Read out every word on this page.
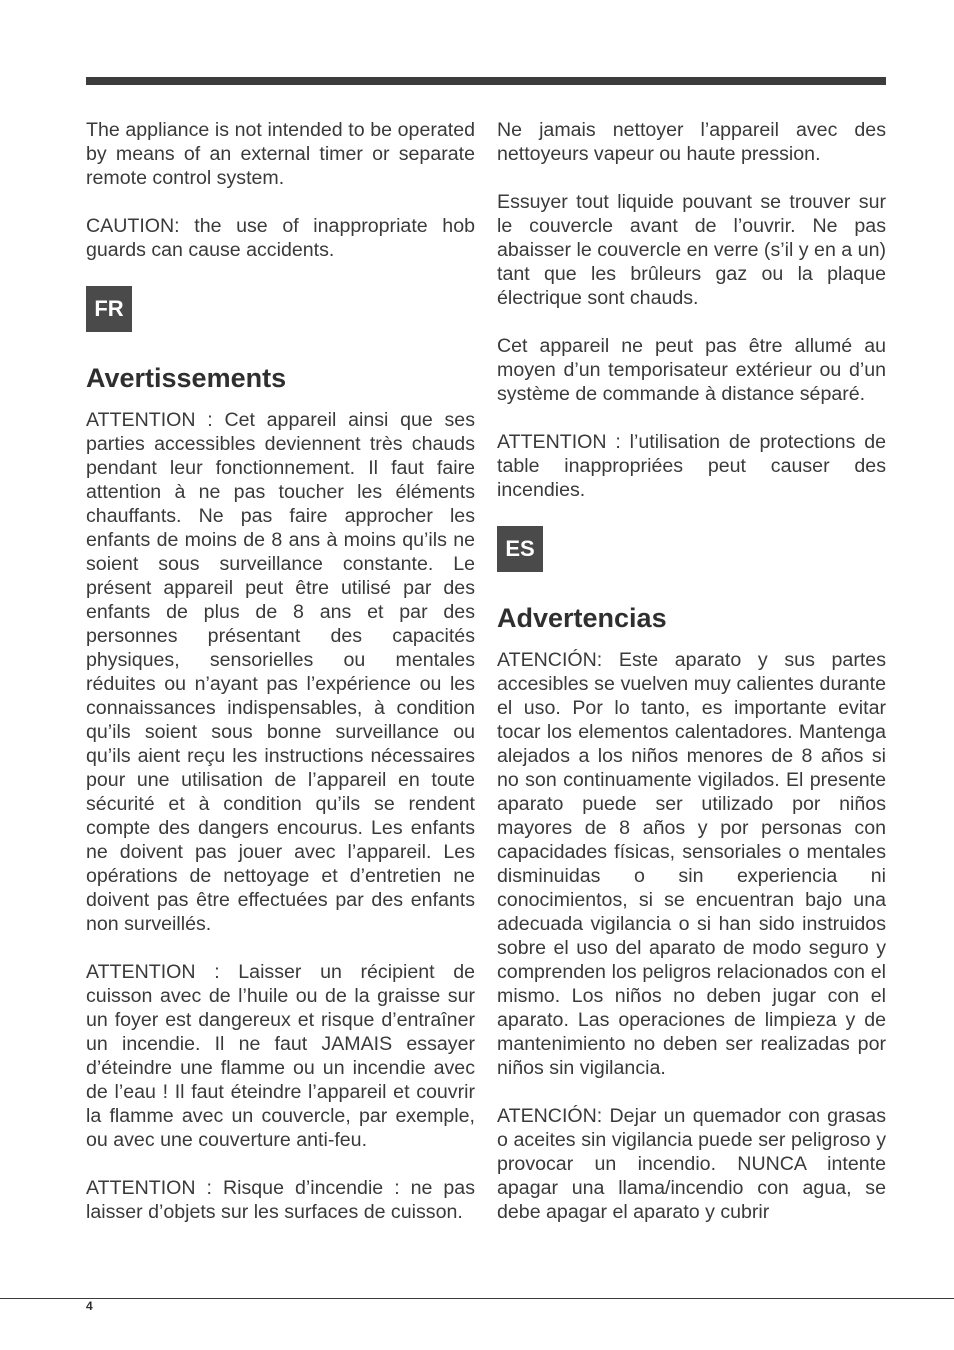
The appliance is not intended to be operated by means of an external timer or separate remote control system.

CAUTION: the use of inappropriate hob guards can cause accidents.

FR
Avertissements

ATTENTION : Cet appareil ainsi que ses parties accessibles deviennent très chauds pendant leur fonctionnement. Il faut faire attention à ne pas toucher les éléments chauffants. Ne pas faire approcher les enfants de moins de 8 ans à moins qu’ils ne soient sous surveillance constante. Le présent appareil peut être utilisé par des enfants de plus de 8 ans et par des personnes présentant des capacités physiques, sensorielles ou mentales réduites ou n’ayant pas l’expérience ou les connaissances indispensables, à condition qu’ils soient sous bonne surveillance ou qu’ils aient reçu les instructions nécessaires pour une utilisation de l’appareil en toute sécurité et à condition qu’ils se rendent compte des dangers encourus. Les enfants ne doivent pas jouer avec l’appareil. Les opérations de nettoyage et d’entretien ne doivent pas être effectuées par des enfants non surveillés.

ATTENTION : Laisser un récipient de cuisson avec de l’huile ou de la graisse sur un foyer est dangereux et risque d’entraîner un incendie. Il ne faut JAMAIS essayer d’éteindre une flamme ou un incendie avec de l’eau ! Il faut éteindre l’appareil et couvrir la flamme avec un couvercle, par exemple, ou avec une couverture anti-feu.

ATTENTION : Risque d’incendie : ne pas laisser d’objets sur les surfaces de cuisson.

Ne jamais nettoyer l’appareil avec des nettoyeurs vapeur ou haute pression.

Essuyer tout liquide pouvant se trouver sur le couvercle avant de l’ouvrir. Ne pas abaisser le couvercle en verre (s’il y en a un) tant que les brûleurs gaz ou la plaque électrique sont chauds.

Cet appareil ne peut pas être allumé au moyen d’un temporisateur extérieur ou d’un système de commande à distance séparé.

ATTENTION : l’utilisation de protections de table inappropriées peut causer des incendies.

ES
Advertencias

ATENCIÓN: Este aparato y sus partes accesibles se vuelven muy calientes durante el uso. Por lo tanto, es importante evitar tocar los elementos calentadores. Mantenga alejados a los niños menores de 8 años si no son continuamente vigilados. El presente aparato puede ser utilizado por niños mayores de 8 años y por personas con capacidades físicas, sensoriales o mentales disminuidas o sin experiencia ni conocimientos, si se encuentran bajo una adecuada vigilancia o si han sido instruidos sobre el uso del aparato de modo seguro y comprenden los peligros relacionados con el mismo. Los niños no deben jugar con el aparato. Las operaciones de limpieza y de mantenimiento no deben ser realizadas por niños sin vigilancia.

ATENCIÓN: Dejar un quemador con grasas o aceites sin vigilancia puede ser peligroso y provocar un incendio. NUNCA intente apagar una llama/incendio con agua, se debe apagar el aparato y cubrir

4
